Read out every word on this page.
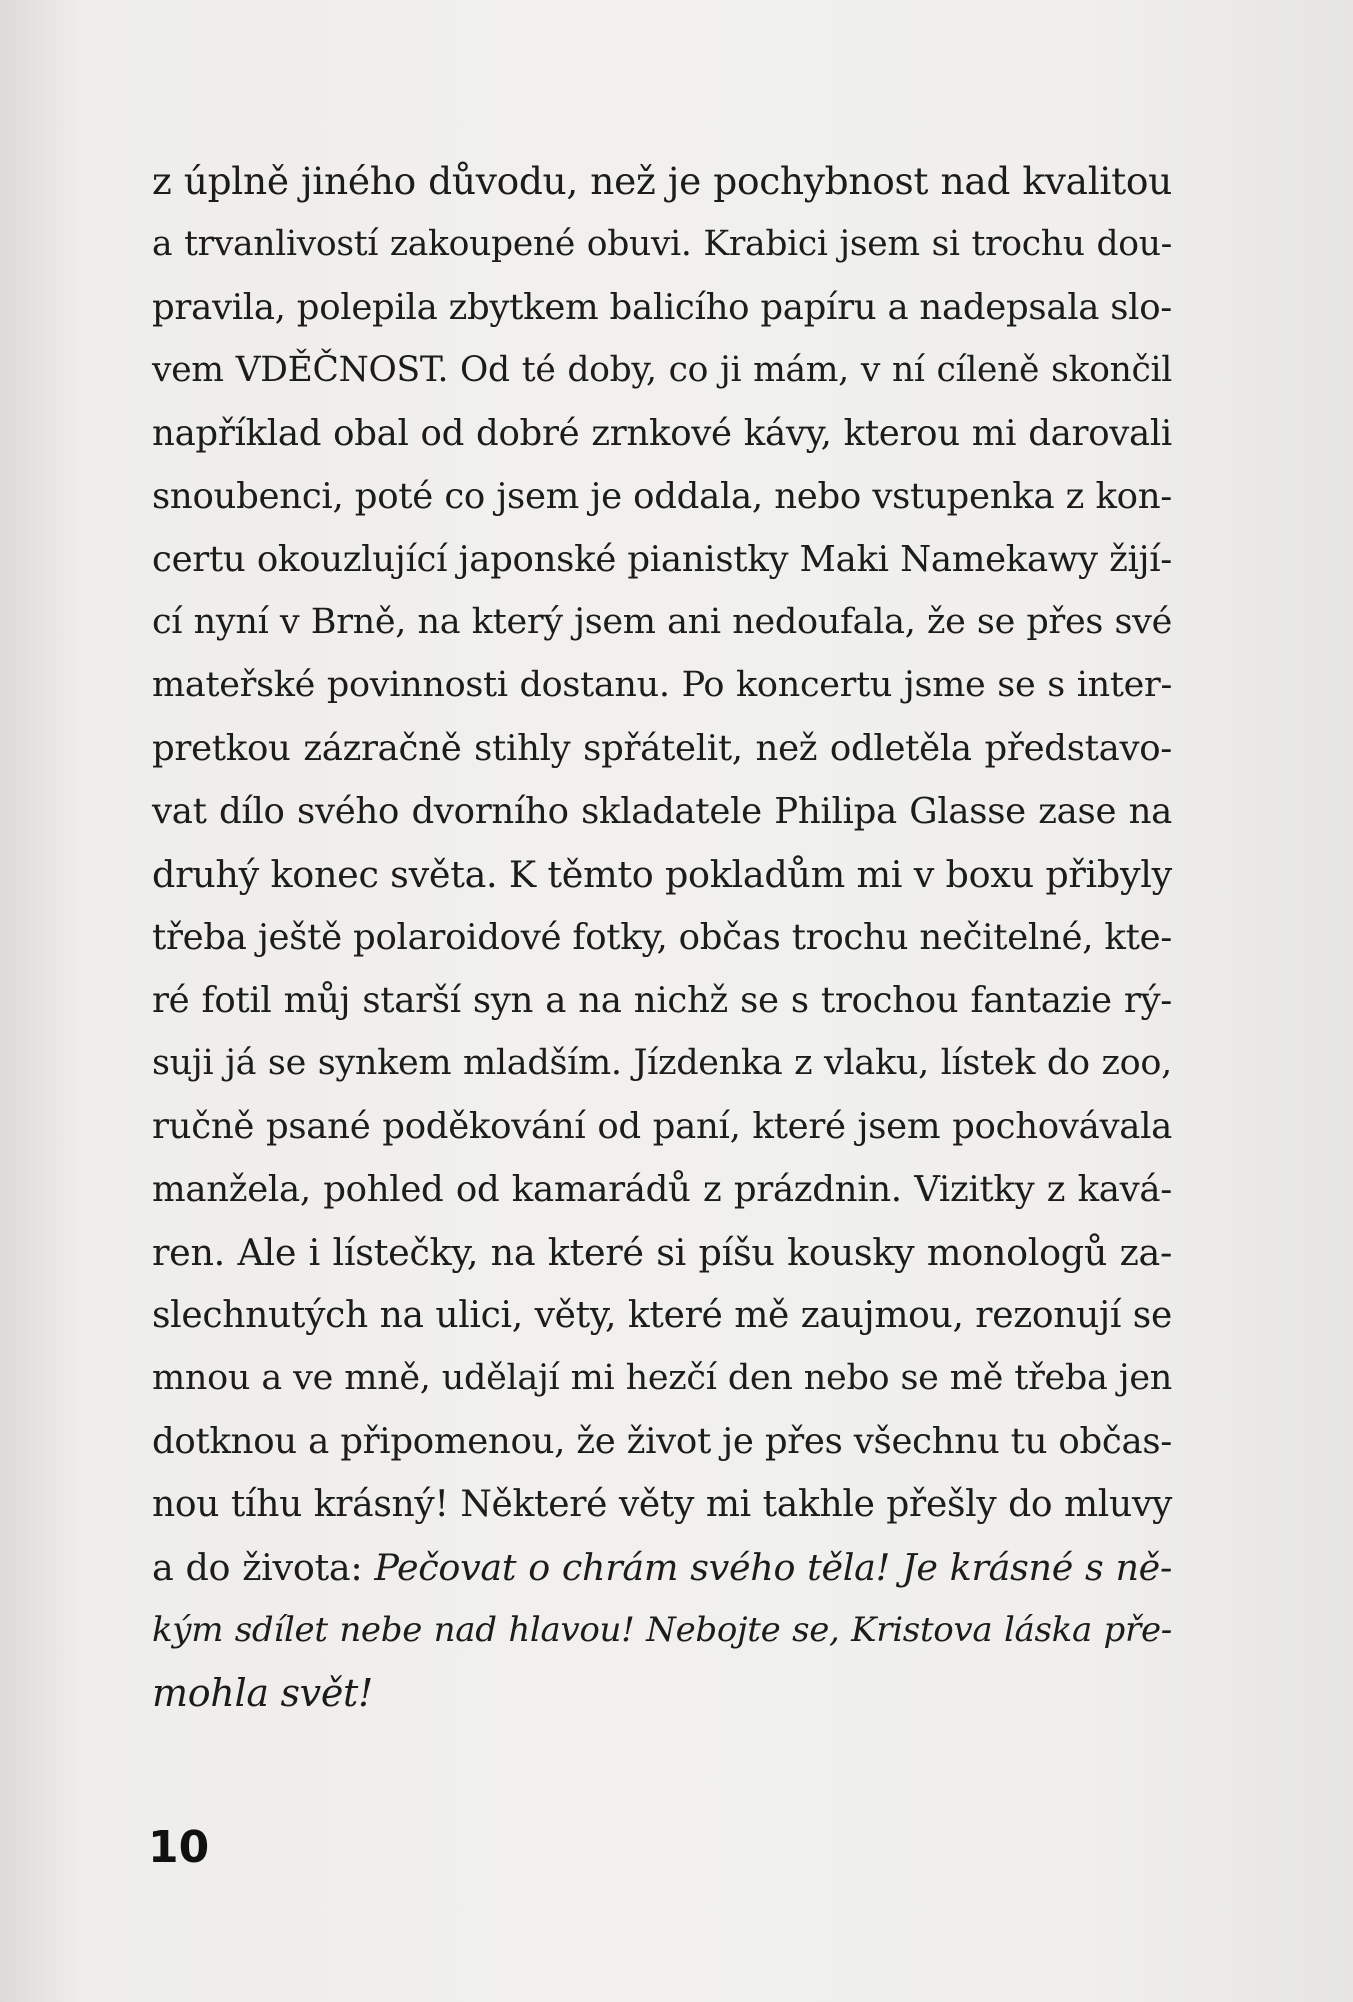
z úplně jiného důvodu, než je pochybnost nad kvalitou
a trvanlivostí zakoupené obuvi. Krabici jsem si trochu dou-
pravila, polepila zbytkem balicího papíru a nadepsala slo-
vem VDĚČNOST. Od té doby, co ji mám, v ní cíleně skončil
například obal od dobré zrnkové kávy, kterou mi darovali
snoubenci, poté co jsem je oddala, nebo vstupenka z kon-
certu okouzlující japonské pianistky Maki Namekawy žijí-
cí nyní v Brně, na který jsem ani nedoufala, že se přes své
mateřské povinnosti dostanu. Po koncertu jsme se s inter-
pretkou zázračně stihly spřátelit, než odletěla představo-
vat dílo svého dvorního skladatele Philipa Glasse zase na
druhý konec světa. K těmto pokladům mi v boxu přibyly
třeba ještě polaroidové fotky, občas trochu nečitelné, kte-
ré fotil můj starší syn a na nichž se s trochou fantazie rý-
suji já se synkem mladším. Jízdenka z vlaku, lístek do zoo,
ručně psané poděkování od paní, které jsem pochovávala
manžela, pohled od kamarádů z prázdnin. Vizitky z kavá-
ren. Ale i lístečky, na které si píšu kousky monologů za-
slechnutých na ulici, věty, které mě zaujmou, rezonují se
mnou a ve mně, udělají mi hezčí den nebo se mě třeba jen
dotknou a připomenou, že život je přes všechnu tu občas-
nou tíhu krásný! Některé věty mi takhle přešly do mluvy
a do života: Pečovat o chrám svého těla! Je krásné s ně-
kým sdílet nebe nad hlavou! Nebojte se, Kristova láska pře-
mohla svět!
10
